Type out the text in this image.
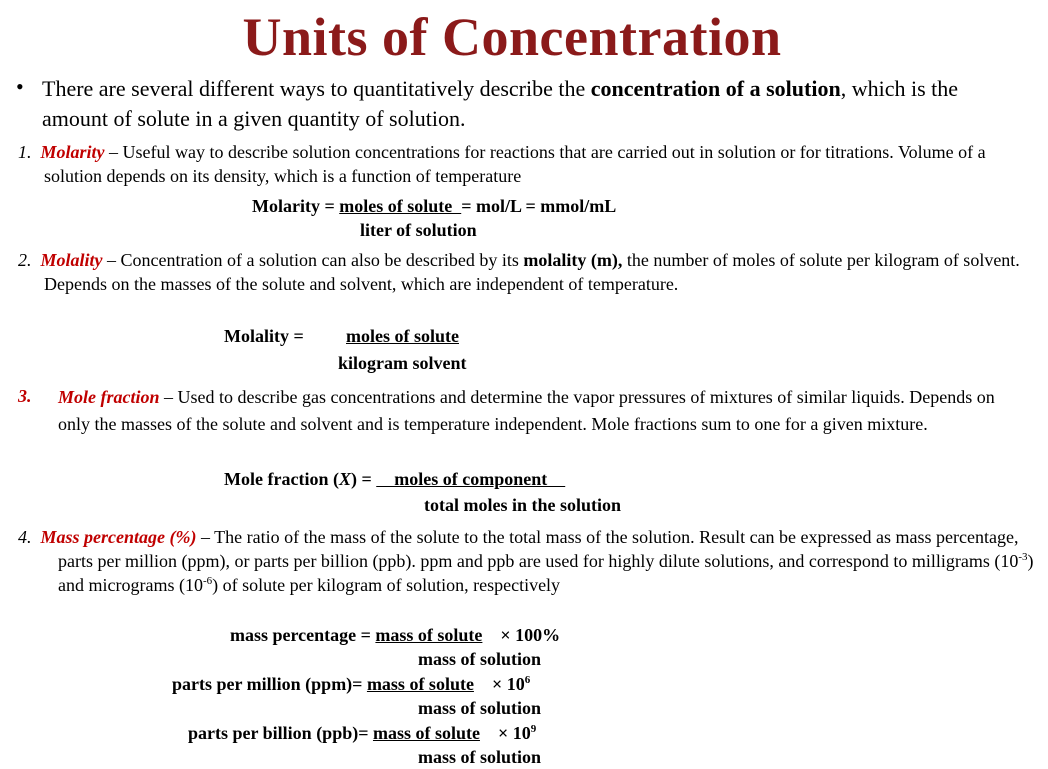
Units of Concentration
• There are several different ways to quantitatively describe the concentration of a solution, which is the amount of solute in a given quantity of solution.
1. Molarity – Useful way to describe solution concentrations for reactions that are carried out in solution or for titrations. Volume of a solution depends on its density, which is a function of temperature
Molarity = moles of solute  = mol/L = mmol/mL
liter of solution
2. Molality – Concentration of a solution can also be described by its molality (m), the number of moles of solute per kilogram of solvent. Depends on the masses of the solute and solvent, which are independent of temperature.
Molality = moles of solute
kilogram solvent
3. Mole fraction – Used to describe gas concentrations and determine the vapor pressures of mixtures of similar liquids. Depends on only the masses of the solute and solvent and is temperature independent. Mole fractions sum to one for a given mixture.
Mole fraction (X) =     moles of component
total moles in the solution
4. Mass percentage (%) – The ratio of the mass of the solute to the total mass of the solution. Result can be expressed as mass percentage, parts per million (ppm), or parts per billion (ppb). ppm and ppb are used for highly dilute solutions, and correspond to milligrams $(10^{-3})$ and micrograms $(10^{-6})$ of solute per kilogram of solution, respectively
mass percentage = mass of solute × 100%
mass of solution
parts per million (ppm)= mass of solute × $10^6$
mass of solution
parts per billion (ppb)= mass of solute × $10^9$
mass of solution
